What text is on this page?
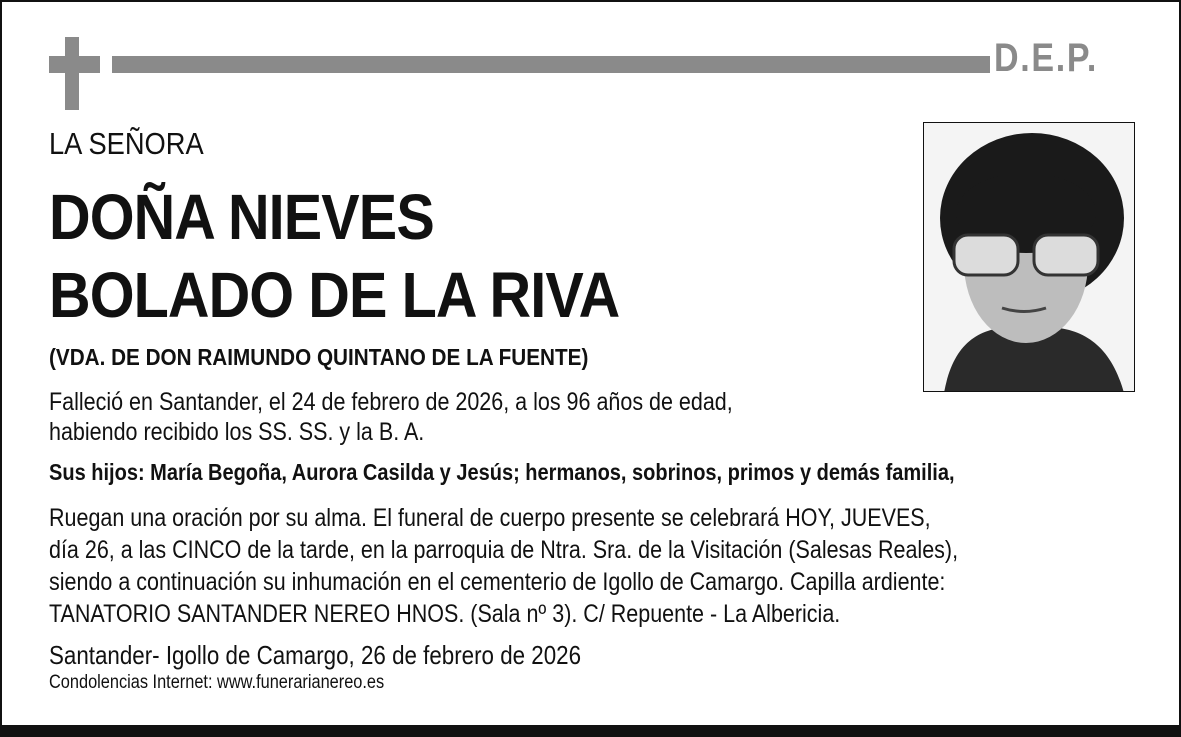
D.E.P.
LA SEÑORA
DOÑA NIEVES
BOLADO DE LA RIVA
(VDA. DE DON RAIMUNDO QUINTANO DE LA FUENTE)
Falleció en Santander, el 24 de febrero de 2026, a los 96 años de edad,
habiendo recibido los SS. SS. y la B. A.
Sus hijos: María Begoña, Aurora Casilda y Jesús; hermanos, sobrinos, primos y demás familia,
Ruegan una oración por su alma. El funeral de cuerpo presente se celebrará HOY, JUEVES,
día 26, a las CINCO de la tarde, en la parroquia de Ntra. Sra. de la Visitación (Salesas Reales),
siendo a continuación su inhumación en el cementerio de Igollo de Camargo. Capilla ardiente:
TANATORIO SANTANDER NEREO HNOS. (Sala nº 3). C/ Repuente - La Albericia.
Santander- Igollo de Camargo, 26 de febrero de 2026
Condolencias Internet: www.funerarianereo.es
